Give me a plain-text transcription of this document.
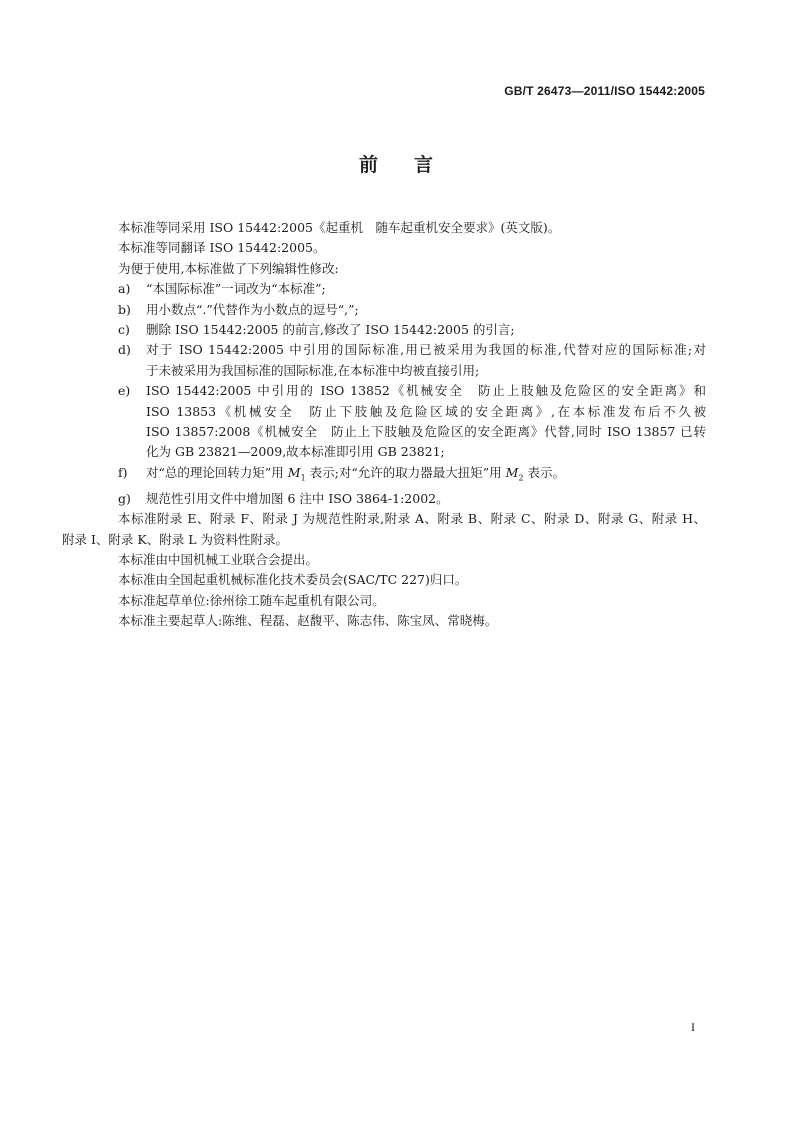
GB/T 26473—2011/ISO 15442:2005
前 言

本标准等同采用 ISO 15442:2005《起重机　随车起重机安全要求》(英文版)。

本标准等同翻译 ISO 15442:2005。

为便于使用,本标准做了下列编辑性修改:

a) “本国际标准”一词改为“本标准”;
b) 用小数点“.”代替作为小数点的逗号“,”;
c) 删除 ISO 15442:2005 的前言,修改了 ISO 15442:2005 的引言;
d) 对于 ISO 15442:2005 中引用的国际标准,用已被采用为我国的标准,代替对应的国际标准;对
于未被采用为我国标准的国际标准,在本标准中均被直接引用;
e) ISO 15442:2005 中引用的 ISO 13852《机械安全　防止上肢触及危险区的安全距离》和
ISO 13853《机械安全　防止下肢触及危险区域的安全距离》,在本标准发布后不久被
ISO 13857:2008《机械安全　防止上下肢触及危险区的安全距离》代替,同时 ISO 13857 已转
化为 GB 23821—2009,故本标准即引用 GB 23821;
f) 对“总的理论回转力矩”用 $M_1$ 表示;对“允许的取力器最大扭矩”用 $M_2$ 表示。
g) 规范性引用文件中增加图 6 注中 ISO 3864-1:2002。
本标准附录 E、附录 F、附录 J 为规范性附录,附录 A、附录 B、附录 C、附录 D、附录 G、附录 H、
附录 I、附录 K、附录 L 为资料性附录。

本标准由中国机械工业联合会提出。

本标准由全国起重机械标准化技术委员会(SAC/TC 227)归口。

本标准起草单位:徐州徐工随车起重机有限公司。

本标准主要起草人:陈维、程磊、赵馥平、陈志伟、陈宝凤、常晓梅。

I
